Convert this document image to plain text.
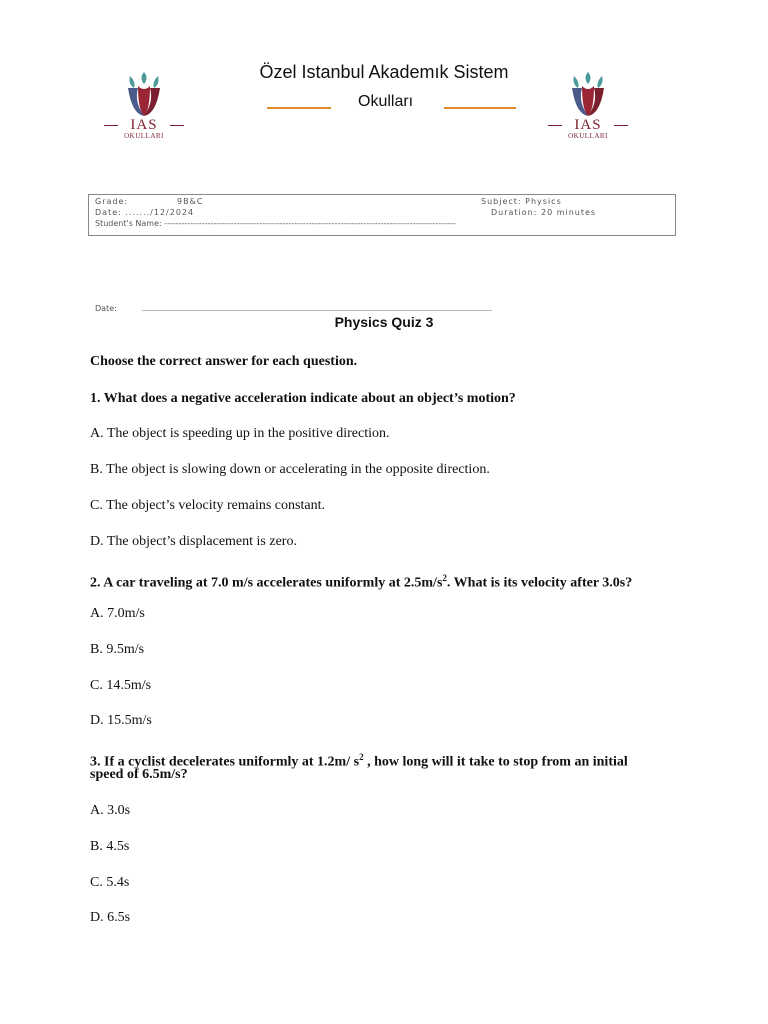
IAS
OKULLARI
IAS
OKULLARI
Özel Istanbul Akademık Sistem
Okulları
Grade:	9B&C	Subject: Physics
Date: ......./12/2024	Duration: 20 minutes
Student's Name: -----------------------------------------------------------------------------------------------------
Date:
Physics Quiz 3
Choose the correct answer for each question.
1. What does a negative acceleration indicate about an object’s motion?
A. The object is speeding up in the positive direction.
B. The object is slowing down or accelerating in the opposite direction.
C. The object’s velocity remains constant.
D. The object’s displacement is zero.
2. A car traveling at 7.0 m/s accelerates uniformly at $2.5m/s^2$. What is its velocity after 3.0s?
A. 7.0m/s
B. 9.5m/s
C. 14.5m/s
D. 15.5m/s
3. If a cyclist decelerates uniformly at 1.2m/ $s^2$ , how long will it take to stop from an initial
speed of 6.5m/s?
A. 3.0s
B. 4.5s
C. 5.4s
D. 6.5s
